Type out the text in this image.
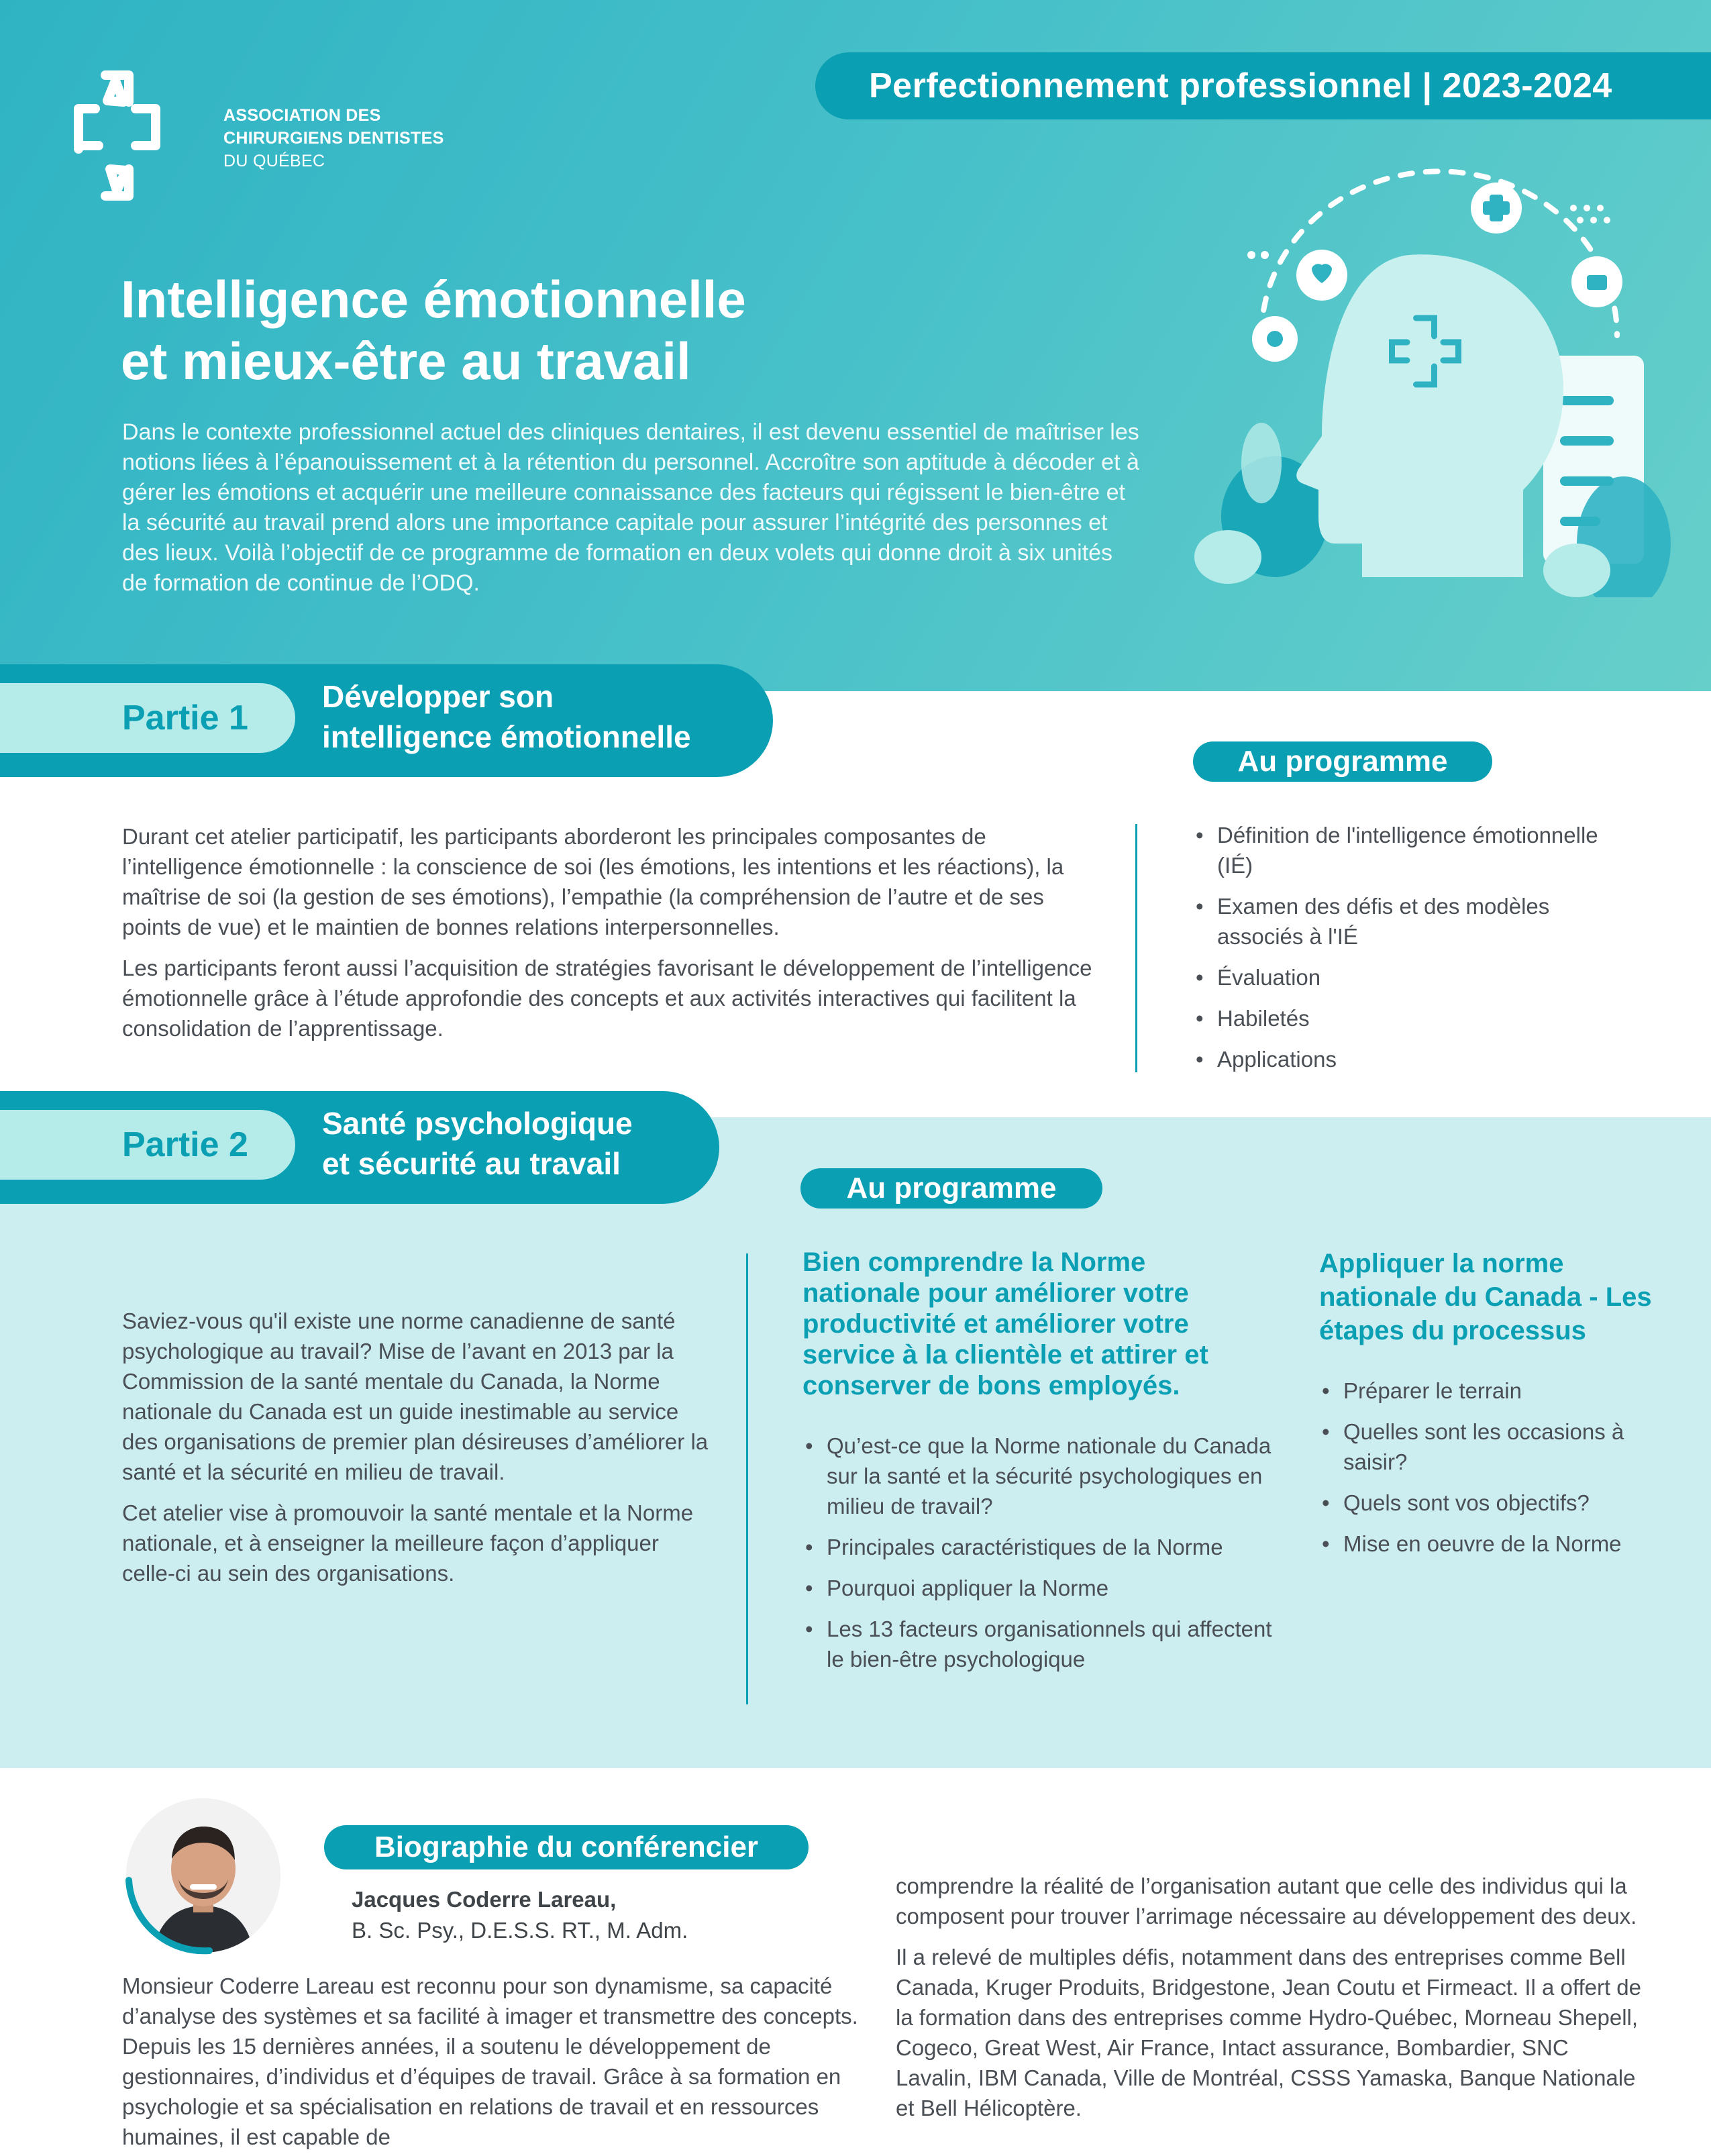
Perfectionnement professionnel | 2023-2024
ASSOCIATION DES
CHIRURGIENS DENTISTES
DU QUÉBEC
Intelligence émotionnelle
et mieux-être au travail
Dans le contexte professionnel actuel des cliniques dentaires, il est devenu essentiel de maîtriser les notions liées à l’épanouissement et à la rétention du personnel. Accroître son aptitude à décoder et à gérer les émotions et acquérir une meilleure connaissance des facteurs qui régissent le bien-être et la sécurité au travail prend alors une importance capitale pour assurer l’intégrité des personnes et des lieux. Voilà l’objectif de ce programme de formation en deux volets qui donne droit à six unités de formation de continue de l’ODQ.
Partie 1
Développer son
intelligence émotionnelle
Au programme

Durant cet atelier participatif, les participants aborderont les principales composantes de l’intelligence émotionnelle : la conscience de soi (les émotions, les intentions et les réactions), la maîtrise de soi (la gestion de ses émotions), l’empathie (la compréhension de l’autre et de ses points de vue) et le maintien de bonnes relations interpersonnelles.

Les participants feront aussi l’acquisition de stratégies favorisant le développement de l’intelligence émotionnelle grâce à l’étude approfondie des concepts et aux activités interactives qui facilitent la consolidation de l’apprentissage.

• Définition de l'intelligence émotionnelle (IÉ)
• Examen des défis et des modèles associés à l'IÉ
• Évaluation
• Habiletés
• Applications
Partie 2
Santé psychologique
et sécurité au travail
Au programme

Saviez-vous qu'il existe une norme canadienne de santé psychologique au travail? Mise de l’avant en 2013 par la Commission de la santé mentale du Canada, la Norme nationale du Canada est un guide inestimable au service des organisations de premier plan désireuses d’améliorer la santé et la sécurité en milieu de travail.

Cet atelier vise à promouvoir la santé mentale et la Norme nationale, et à enseigner la meilleure façon d’appliquer celle-ci au sein des organisations.

Bien comprendre la Norme nationale pour améliorer votre productivité et améliorer votre service à la clientèle et attirer et conserver de bons employés.
• Qu’est-ce que la Norme nationale du Canada sur la santé et la sécurité psychologiques en milieu de travail?
• Principales caractéristiques de la Norme
• Pourquoi appliquer la Norme
• Les 13 facteurs organisationnels qui affectent le bien-être psychologique
Appliquer la norme nationale du Canada - Les étapes du processus
• Préparer le terrain
• Quelles sont les occasions à saisir?
• Quels sont vos objectifs?
• Mise en oeuvre de la Norme
Biographie du conférencier
Jacques Coderre Lareau,
B. Sc. Psy., D.E.S.S. RT., M. Adm.
Monsieur Coderre Lareau est reconnu pour son dynamisme, sa capacité d’analyse des systèmes et sa facilité à imager et transmettre des concepts. Depuis les 15 dernières années, il a soutenu le développement de gestionnaires, d’individus et d’équipes de travail. Grâce à sa formation en psychologie et sa spécialisation en relations de travail et en ressources humaines, il est capable de

comprendre la réalité de l’organisation autant que celle des individus qui la composent pour trouver l’arrimage nécessaire au développement des deux.

Il a relevé de multiples défis, notamment dans des entreprises comme Bell Canada, Kruger Produits, Bridgestone, Jean Coutu et Firmeact. Il a offert de la formation dans des entreprises comme Hydro-Québec, Morneau Shepell, Cogeco, Great West, Air France, Intact assurance, Bombardier, SNC Lavalin, IBM Canada, Ville de Montréal, CSSS Yamaska, Banque Nationale et Bell Hélicoptère.
